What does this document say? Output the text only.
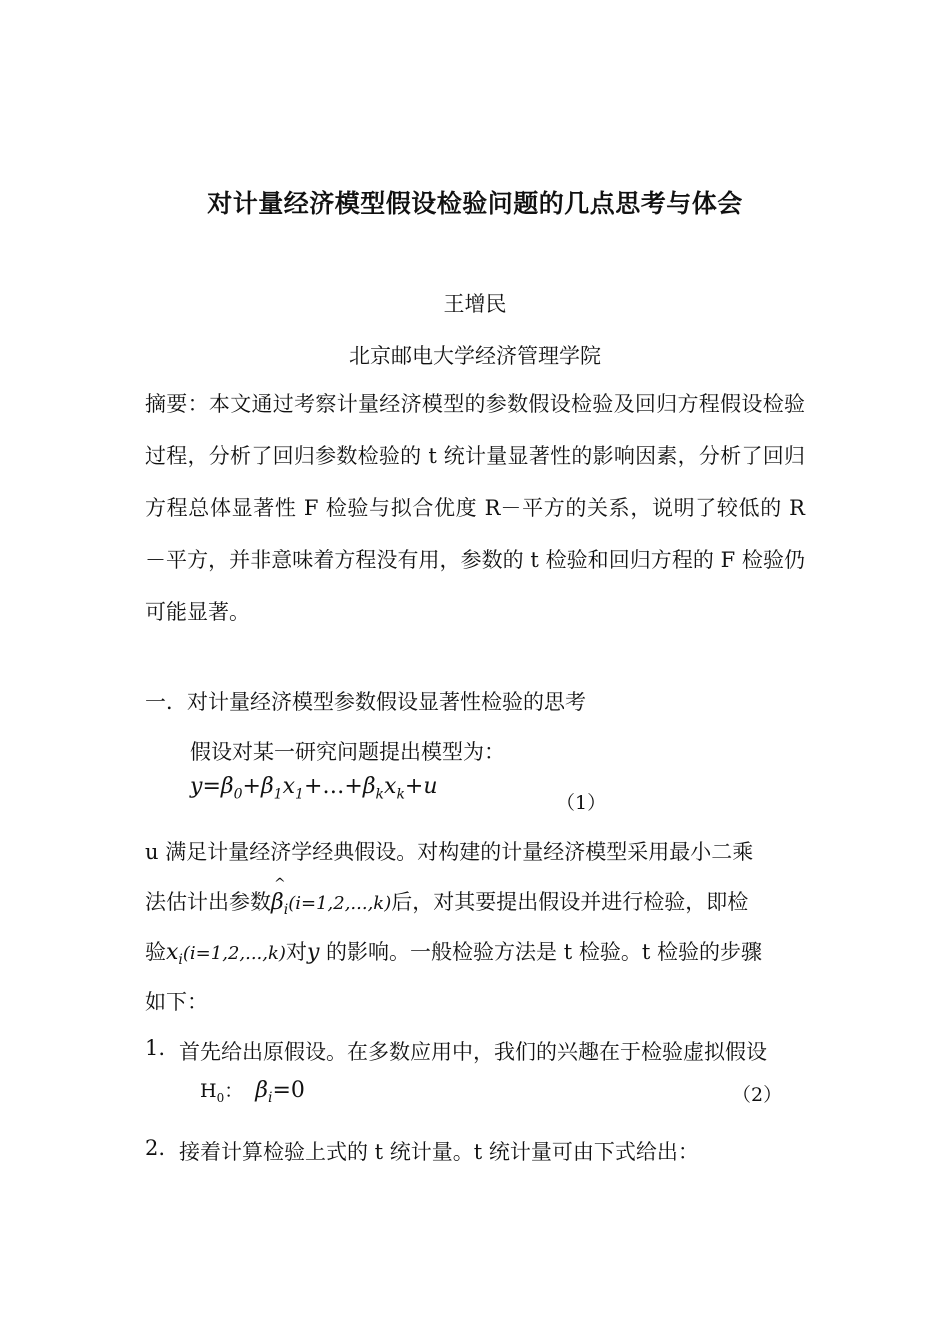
对计量经济模型假设检验问题的几点思考与体会
王增民
北京邮电大学经济管理学院
摘要：本文通过考察计量经济模型的参数假设检验及回归方程假设检验过程，分析了回归参数检验的 t 统计量显著性的影响因素，分析了回归方程总体显著性 F 检验与拟合优度 R－平方的关系，说明了较低的 R－平方，并非意味着方程没有用，参数的 t 检验和回归方程的 F 检验仍可能显著。
一．对计量经济模型参数假设显著性检验的思考
假设对某一研究问题提出模型为：
$y=\beta_0+\beta_1x_1+\dots+\beta_kx_k+u$
（1）
u 满足计量经济学经典假设。对构建的计量经济模型采用最小二乘
法估计出参数^ $\beta_i(i=1,2,...,k)$后，对其要提出假设并进行检验，即检
验$x_i(i=1,2,...,k)$对y 的影响。一般检验方法是 t 检验。t 检验的步骤
如下：
1. 首先给出原假设。在多数应用中，我们的兴趣在于检验虚拟假设
$H_0$： $\beta_i=0$	（2）
2. 接着计算检验上式的 t 统计量。t 统计量可由下式给出：
